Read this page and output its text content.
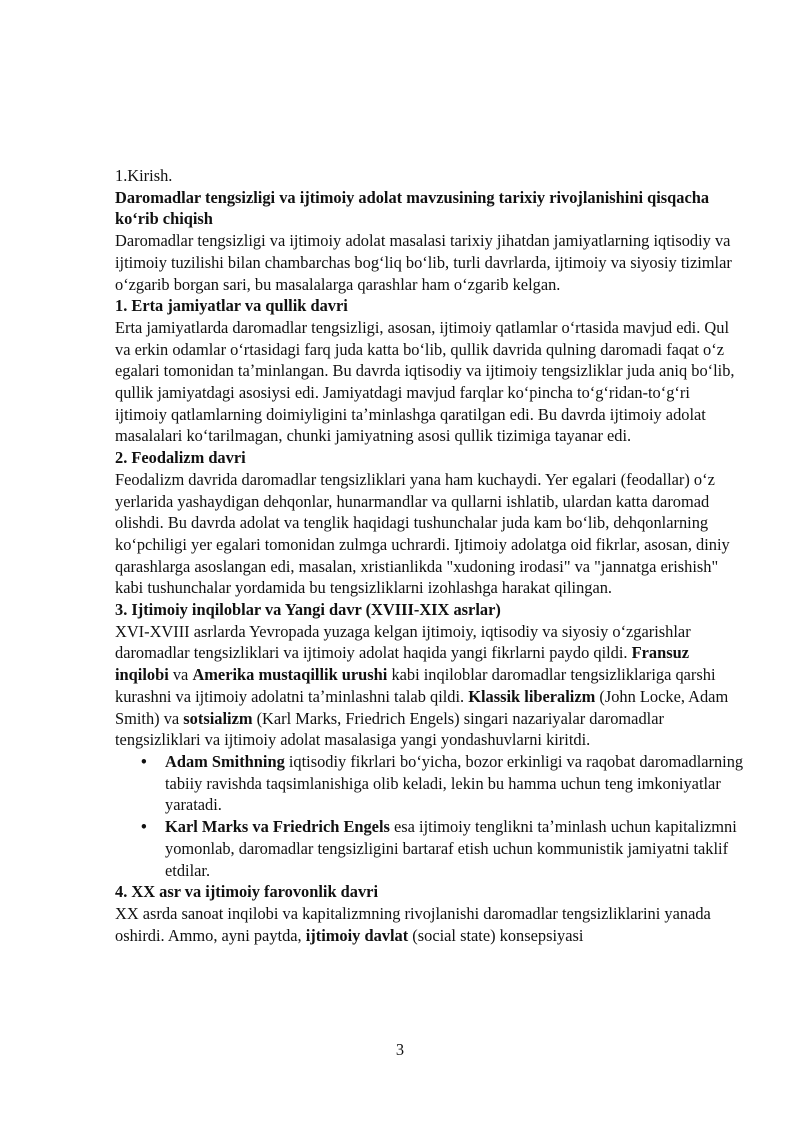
1.Kirish.

Daromadlar tengsizligi va ijtimoiy adolat mavzusining tarixiy rivojlanishini qisqacha koʻrib chiqish

Daromadlar tengsizligi va ijtimoiy adolat masalasi tarixiy jihatdan jamiyatlarning iqtisodiy va ijtimoiy tuzilishi bilan chambarchas bogʻliq boʻlib, turli davrlarda, ijtimoiy va siyosiy tizimlar oʻzgarib borgan sari, bu masalalarga qarashlar ham oʻzgarib kelgan.

1. Erta jamiyatlar va qullik davri

Erta jamiyatlarda daromadlar tengsizligi, asosan, ijtimoiy qatlamlar oʻrtasida mavjud edi. Qul va erkin odamlar oʻrtasidagi farq juda katta boʻlib, qullik davrida qulning daromadi faqat oʻz egalari tomonidan taʼminlangan. Bu davrda iqtisodiy va ijtimoiy tengsizliklar juda aniq boʻlib, qullik jamiyatdagi asosiysi edi. Jamiyatdagi mavjud farqlar koʻpincha toʻgʻridan-toʻgʻri ijtimoiy qatlamlarning doimiyligini taʼminlashga qaratilgan edi. Bu davrda ijtimoiy adolat masalalari koʻtarilmagan, chunki jamiyatning asosi qullik tizimiga tayanar edi.

2. Feodalizm davri

Feodalizm davrida daromadlar tengsizliklari yana ham kuchaydi. Yer egalari (feodallar) oʻz yerlarida yashaydigan dehqonlar, hunarmandlar va qullarni ishlatib, ulardan katta daromad olishdi. Bu davrda adolat va tenglik haqidagi tushunchalar juda kam boʻlib, dehqonlarning koʻpchiligi yer egalari tomonidan zulmga uchrardi. Ijtimoiy adolatga oid fikrlar, asosan, diniy qarashlarga asoslangan edi, masalan, xristianlikda "xudoning irodasi" va "jannatga erishish" kabi tushunchalar yordamida bu tengsizliklarni izohlashga harakat qilingan.

3. Ijtimoiy inqiloblar va Yangi davr (XVIII-XIX asrlar)

XVI-XVIII asrlarda Yevropada yuzaga kelgan ijtimoiy, iqtisodiy va siyosiy oʻzgarishlar daromadlar tengsizliklari va ijtimoiy adolat haqida yangi fikrlarni paydo qildi. Fransuz inqilobi va Amerika mustaqillik urushi kabi inqiloblar daromadlar tengsizliklariga qarshi kurashni va ijtimoiy adolatni taʼminlashni talab qildi. Klassik liberalizm (John Locke, Adam Smith) va sotsializm (Karl Marks, Friedrich Engels) singari nazariyalar daromadlar tengsizliklari va ijtimoiy adolat masalasiga yangi yondashuvlarni kiritdi.

• Adam Smithning iqtisodiy fikrlari boʻyicha, bozor erkinligi va raqobat daromadlarning tabiiy ravishda taqsimlanishiga olib keladi, lekin bu hamma uchun teng imkoniyatlar yaratadi.
• Karl Marks va Friedrich Engels esa ijtimoiy tenglikni taʼminlash uchun kapitalizmni yomonlab, daromadlar tengsizligini bartaraf etish uchun kommunistik jamiyatni taklif etdilar.

4. XX asr va ijtimoiy farovonlik davri

XX asrda sanoat inqilobi va kapitalizmning rivojlanishi daromadlar tengsizliklarini yanada oshirdi. Ammo, ayni paytda, ijtimoiy davlat (social state) konsepsiyasi

3
